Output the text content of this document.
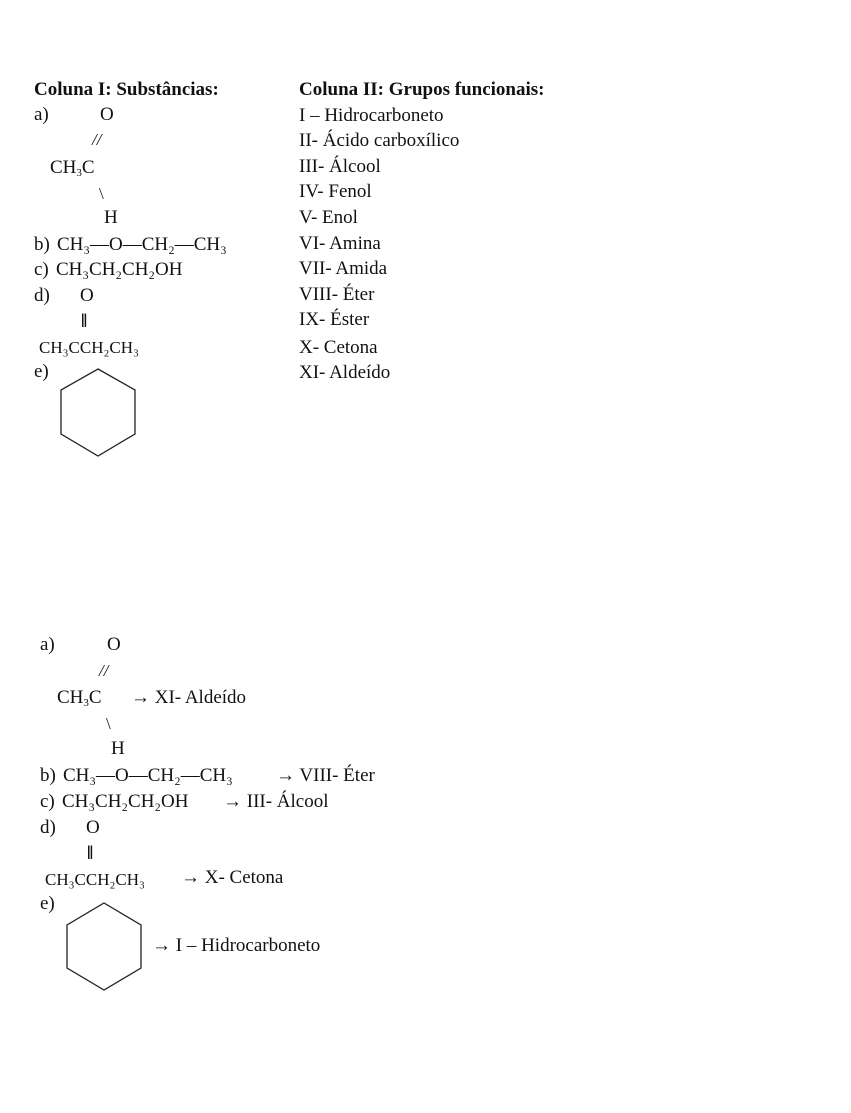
Coluna I: Substâncias:	Coluna II: Grupos funcionais:
a)	O
//
$CH_3C$
\
H
b) CH₃—O—CH₂—CH₃
c) CH₃CH₂CH₂OH
d) O
‖
CH₃CCH₂CH₃
e)
I – Hidrocarboneto
II- Ácido carboxílico
III- Álcool
IV- Fenol
V- Enol
VI- Amina
VII- Amida
VIII- Éter
IX- Éster
X- Cetona
XI- Aldeído
a)	O
//
$CH_3C \to XI-$ Aldeído
\
H
b) CH₃—O—CH₂—CH₃ → VIII- Éter
c) CH₃CH₂CH₂OH → III- Álcool
d) O
‖
CH₃CCH₂CH₃ → X- Cetona
e)
→ I – Hidrocarboneto
